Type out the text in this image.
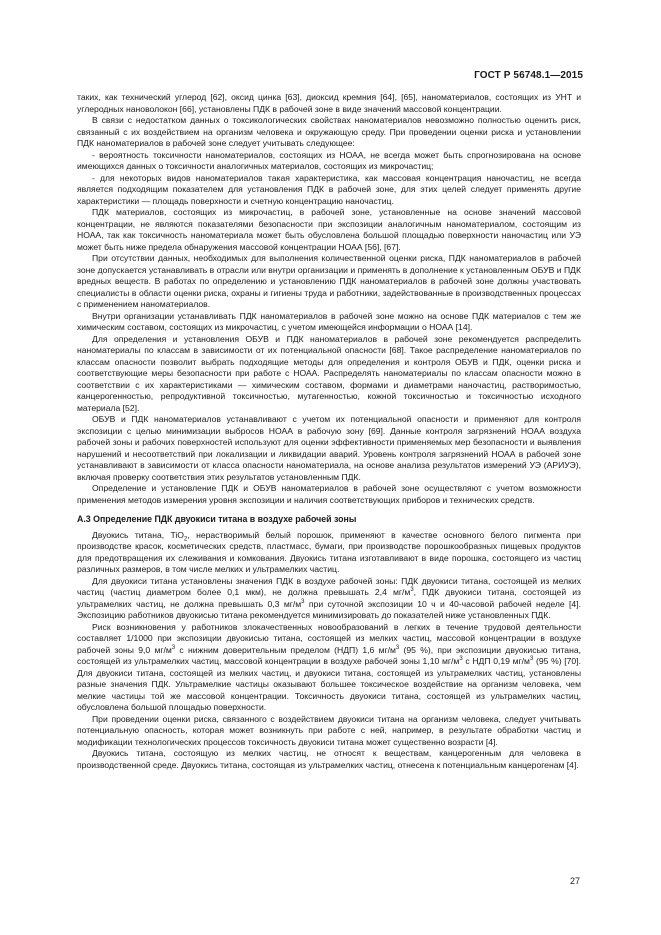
ГОСТ Р 56748.1—2015

таких, как технический углерод [62], оксид цинка [63], диоксид кремния [64], [65], наноматериалов, состоящих из УНТ и углеродных нановолокон [66], установлены ПДК в рабочей зоне в виде значений массовой концентрации.

В связи с недостатком данных о токсикологических свойствах наноматериалов невозможно полностью оценить риск, связанный с их воздействием на организм человека и окружающую среду. При проведении оценки риска и установлении ПДК наноматериалов в рабочей зоне следует учитывать следующее:

- вероятность токсичности наноматериалов, состоящих из НОАА, не всегда может быть спрогнозирована на основе имеющихся данных о токсичности аналогичных материалов, состоящих из микрочастиц;

- для некоторых видов наноматериалов такая характеристика, как массовая концентрация наночастиц, не всегда является подходящим показателем для установления ПДК в рабочей зоне, для этих целей следует применять другие характеристики — площадь поверхности и счетную концентрацию наночастиц.

ПДК материалов, состоящих из микрочастиц, в рабочей зоне, установленные на основе значений массовой концентрации, не являются показателями безопасности при экспозиции аналогичным наноматериалом, состоящим из НОАА, так как токсичность наноматериала может быть обусловлена большой площадью поверхности наночастиц или УЭ может быть ниже предела обнаружения массовой концентрации НОАА [56], [67].

При отсутствии данных, необходимых для выполнения количественной оценки риска, ПДК наноматериалов в рабочей зоне допускается устанавливать в отрасли или внутри организации и применять в дополнение к установленным ОБУВ и ПДК вредных веществ. В работах по определению и установлению ПДК наноматериалов в рабочей зоне должны участвовать специалисты в области оценки риска, охраны и гигиены труда и работники, задействованные в производственных процессах с применением наноматериалов.

Внутри организации устанавливать ПДК наноматериалов в рабочей зоне можно на основе ПДК материалов с тем же химическим составом, состоящих из микрочастиц, с учетом имеющейся информации о НОАА [14].

Для определения и установления ОБУВ и ПДК наноматериалов в рабочей зоне рекомендуется распределить наноматериалы по классам в зависимости от их потенциальной опасности [68]. Такое распределение наноматериалов по классам опасности позволит выбрать подходящие методы для определения и контроля ОБУВ и ПДК, оценки риска и соответствующие меры безопасности при работе с НОАА. Распределять наноматериалы по классам опасности можно в соответствии с их характеристиками — химическим составом, формами и диаметрами наночастиц, растворимостью, канцерогенностью, репродуктивной токсичностью, мутагенностью, кожной токсичностью и токсичностью исходного материала [52].

ОБУВ и ПДК наноматериалов устанавливают с учетом их потенциальной опасности и применяют для контроля экспозиции с целью минимизации выбросов НОАА в рабочую зону [69]. Данные контроля загрязнений НОАА воздуха рабочей зоны и рабочих поверхностей используют для оценки эффективности применяемых мер безопасности и выявления нарушений и несоответствий при локализации и ликвидации аварий. Уровень контроля загрязнений НОАА в рабочей зоне устанавливают в зависимости от класса опасности наноматериала, на основе анализа результатов измерений УЭ (АРИУЭ), включая проверку соответствия этих результатов установленным ПДК.

Определение и установление ПДК и ОБУВ наноматериалов в рабочей зоне осуществляют с учетом возможности применения методов измерения уровня экспозиции и наличия соответствующих приборов и технических средств.

А.3 Определение ПДК двуокиси титана в воздухе рабочей зоны

Двуокись титана, TiO$_2$, нерастворимый белый порошок, применяют в качестве основного белого пигмента при производстве красок, косметических средств, пластмасс, бумаги, при производстве порошкообразных пищевых продуктов для предотвращения их слеживания и комкования. Двуокись титана изготавливают в виде порошка, состоящего из частиц различных размеров, в том числе мелких и ультрамелких частиц.

Для двуокиси титана установлены значения ПДК в воздухе рабочей зоны: ПДК двуокиси титана, состоящей из мелких частиц (частиц диаметром более 0,1 мкм), не должна превышать 2,4 $мг/м^3$, ПДК двуокиси титана, состоящей из ультрамелких частиц, не должна превышать 0,3 $мг/м^3$ при суточной экспозиции 10 ч и 40-часовой рабочей неделе [4]. Экспозицию работников двуокисью титана рекомендуется минимизировать до показателей ниже установленных ПДК.

Риск возникновения у работников злокачественных новообразований в легких в течение трудовой деятельности составляет 1/1000 при экспозиции двуокисью титана, состоящей из мелких частиц, массовой концентрации в воздухе рабочей зоны 9,0 $мг/м^3$ с нижним доверительным пределом (НДП) 1,6 $мг/м^3$ (95 %), при экспозиции двуокисью титана, состоящей из ультрамелких частиц, массовой концентрации в воздухе рабочей зоны 1,10 $мг/м^3$ с НДП 0,19 $мг/м^3$ (95 %) [70]. Для двуокиси титана, состоящей из мелких частиц, и двуокиси титана, состоящей из ультрамелких частиц, установлены разные значения ПДК. Ультрамелкие частицы оказывают большее токсическое воздействие на организм человека, чем мелкие частицы той же массовой концентрации. Токсичность двуокиси титана, состоящей из ультрамелких частиц, обусловлена большой площадью поверхности.

При проведении оценки риска, связанного с воздействием двуокиси титана на организм человека, следует учитывать потенциальную опасность, которая может возникнуть при работе с ней, например, в результате обработки частиц и модификации технологических процессов токсичность двуокиси титана может существенно возрасти [4].

Двуокись титана, состоящую из мелких частиц, не относят к веществам, канцерогенным для человека в производственной среде. Двуокись титана, состоящая из ультрамелких частиц, отнесена к потенциальным канцерогенам [4].

27
